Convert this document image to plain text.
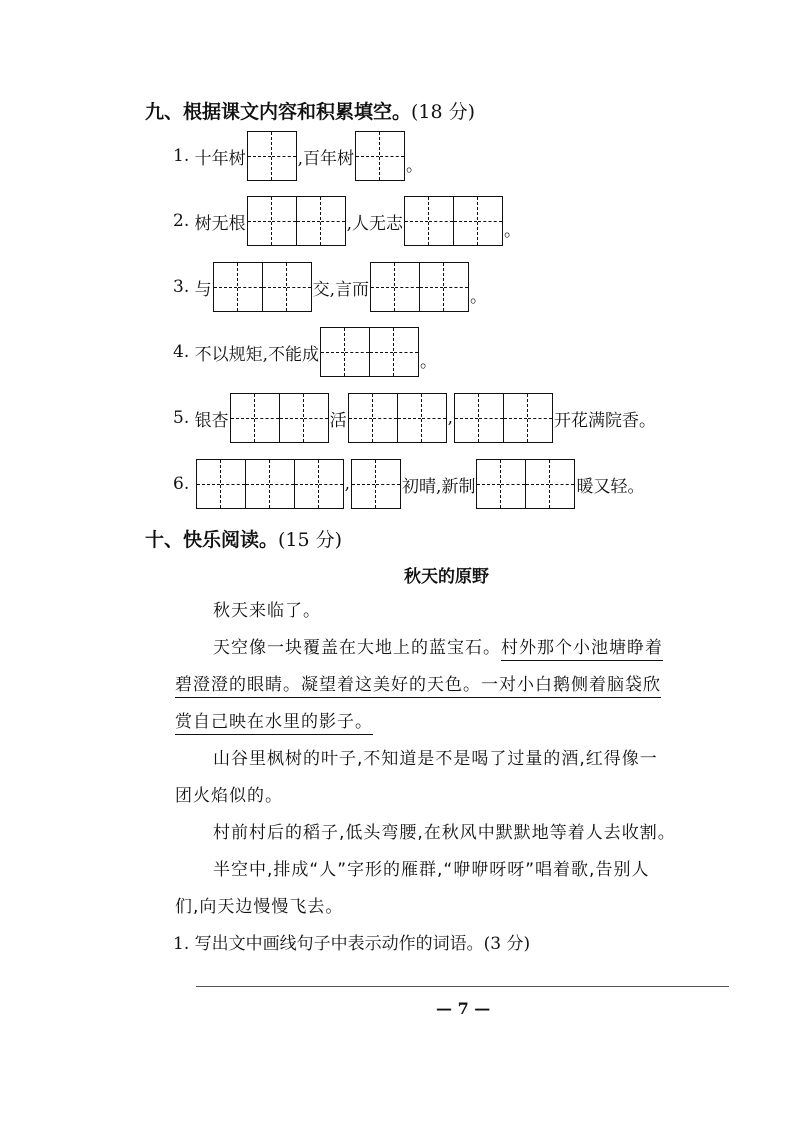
九、根据课文内容和积累填空。(18 分)
1.
十年树	,百年树	。
2.
树无根	,人无志	。
3.
与	交,言而	。
4.
不以规矩,不能成	。
5.
银杏	活	,	开花满院香。
6.
	,	初晴,新制	暖又轻。
十、快乐阅读。(15 分)
秋天的原野
秋天来临了。
天空像一块覆盖在大地上的蓝宝石。村外那个小池塘睁着
碧澄澄的眼睛。凝望着这美好的天色。一对小白鹅侧着脑袋欣
赏自己映在水里的影子。
山谷里枫树的叶子,不知道是不是喝了过量的酒,红得像一
团火焰似的。
村前村后的稻子,低头弯腰,在秋风中默默地等着人去收割。
半空中,排成“人”字形的雁群,“咿咿呀呀”唱着歌,告别人
们,向天边慢慢飞去。
1. 写出文中画线句子中表示动作的词语。(3 分)
— 7 —
